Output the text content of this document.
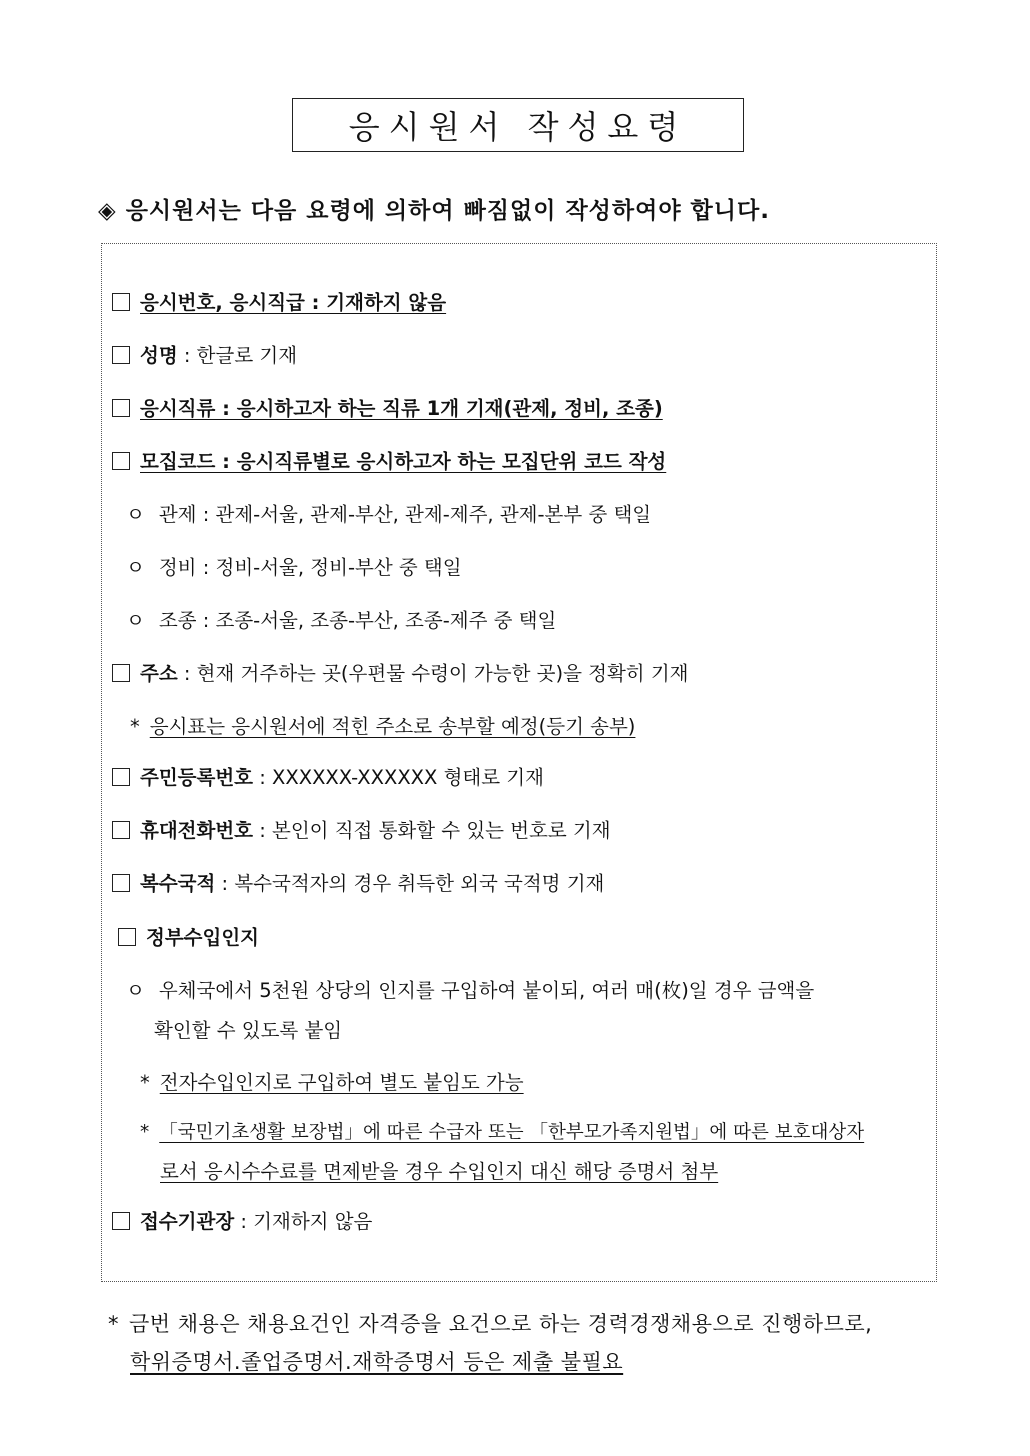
응시원서 작성요령
◈ 응시원서는 다음 요령에 의하여 빠짐없이 작성하여야 합니다.
응시번호, 응시직급 : 기재하지 않음
성명 : 한글로 기재
응시직류 : 응시하고자 하는 직류 1개 기재(관제, 정비, 조종)
모집코드 : 응시직류별로 응시하고자 하는 모집단위 코드 작성
ㅇ 관제 : 관제-서울, 관제-부산, 관제-제주, 관제-본부 중 택일
ㅇ 정비 : 정비-서울, 정비-부산 중 택일
ㅇ 조종 : 조종-서울, 조종-부산, 조종-제주 중 택일
주소 : 현재 거주하는 곳(우편물 수령이 가능한 곳)을 정확히 기재
* 응시표는 응시원서에 적힌 주소로 송부할 예정(등기 송부)
주민등록번호 : XXXXXX-XXXXXX 형태로 기재
휴대전화번호 : 본인이 직접 통화할 수 있는 번호로 기재
복수국적 : 복수국적자의 경우 취득한 외국 국적명 기재
정부수입인지
ㅇ 우체국에서 5천원 상당의 인지를 구입하여 붙이되, 여러 매(枚)일 경우 금액을
확인할 수 있도록 붙임
* 전자수입인지로 구입하여 별도 붙임도 가능
* 「국민기초생활 보장법」에 따른 수급자 또는 「한부모가족지원법」에 따른 보호대상자
로서 응시수수료를 면제받을 경우 수입인지 대신 해당 증명서 첨부
접수기관장 : 기재하지 않음
* 금번 채용은 채용요건인 자격증을 요건으로 하는 경력경쟁채용으로 진행하므로,
학위증명서.졸업증명서.재학증명서 등은 제출 불필요
